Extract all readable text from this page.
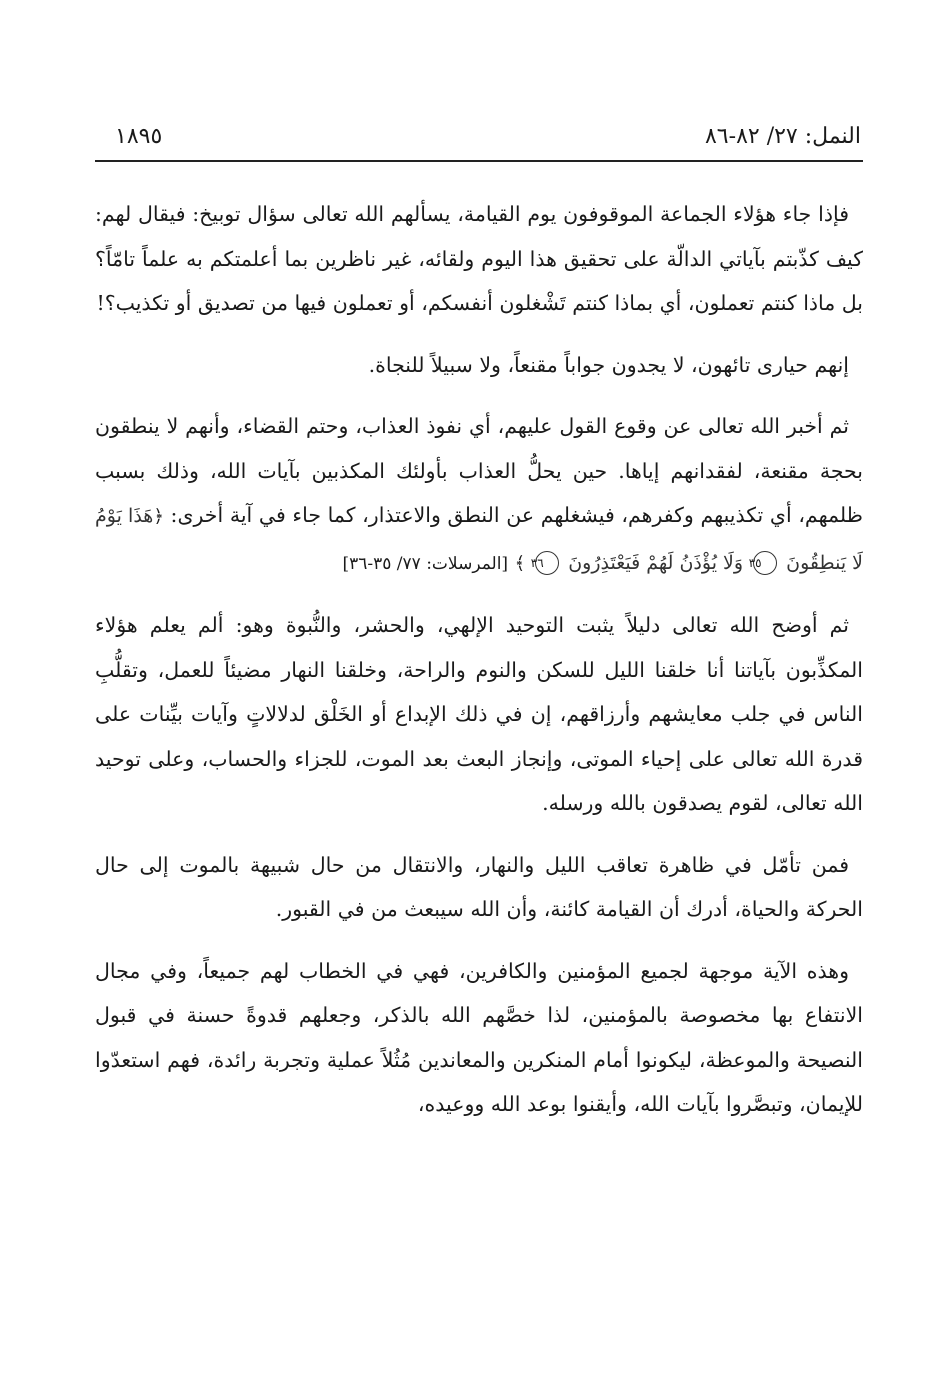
النمل: ٢٧/ ٨٢-٨٦
١٨٩٥

فإذا جاء هؤلاء الجماعة الموقوفون يوم القيامة، يسألهم الله تعالى سؤال توبيخ: فيقال لهم: كيف كذّبتم بآياتي الدالّة على تحقيق هذا اليوم ولقائه، غير ناظرين بما أعلمتكم به علماً تامّاً؟ بل ماذا كنتم تعملون، أي بماذا كنتم تَشْغلون أنفسكم، أو تعملون فيها من تصديق أو تكذيب؟!

إنهم حيارى تائهون، لا يجدون جواباً مقنعاً، ولا سبيلاً للنجاة.

ثم أخبر الله تعالى عن وقوع القول عليهم، أي نفوذ العذاب، وحتم القضاء، وأنهم لا ينطقون بحجة مقنعة، لفقدانهم إياها. حين يحلُّ العذاب بأولئك المكذبين بآيات الله، وذلك بسبب ظلمهم، أي تكذيبهم وكفرهم، فيشغلهم عن النطق والاعتذار، كما جاء في آية أخرى: ﴿هَذَا يَوْمُ لَا يَنطِقُونَ ٣٥ وَلَا يُؤْذَنُ لَهُمْ فَيَعْتَذِرُونَ ٣٦ ﴾ [المرسلات: ٧٧/ ٣٥-٣٦]

ثم أوضح الله تعالى دليلاً يثبت التوحيد الإلهي، والحشر، والنُّبوة وهو: ألم يعلم هؤلاء المكذِّبون بآياتنا أنا خلقنا الليل للسكن والنوم والراحة، وخلقنا النهار مضيئاً للعمل، وتقلُّبِ الناس في جلب معايشهم وأرزاقهم، إن في ذلك الإبداع أو الخَلْق لدلالاتٍ وآيات بيِّنات على قدرة الله تعالى على إحياء الموتى، وإنجاز البعث بعد الموت، للجزاء والحساب، وعلى توحيد الله تعالى، لقوم يصدقون بالله ورسله.

فمن تأمّل في ظاهرة تعاقب الليل والنهار، والانتقال من حال شبيهة بالموت إلى حال الحركة والحياة، أدرك أن القيامة كائنة، وأن الله سيبعث من في القبور.

وهذه الآية موجهة لجميع المؤمنين والكافرين، فهي في الخطاب لهم جميعاً، وفي مجال الانتفاع بها مخصوصة بالمؤمنين، لذا خصَّهم الله بالذكر، وجعلهم قدوةً حسنة في قبول النصيحة والموعظة، ليكونوا أمام المنكرين والمعاندين مُثُلاً عملية وتجربة رائدة، فهم استعدّوا للإيمان، وتبصَّروا بآيات الله، وأيقنوا بوعد الله ووعيده،
